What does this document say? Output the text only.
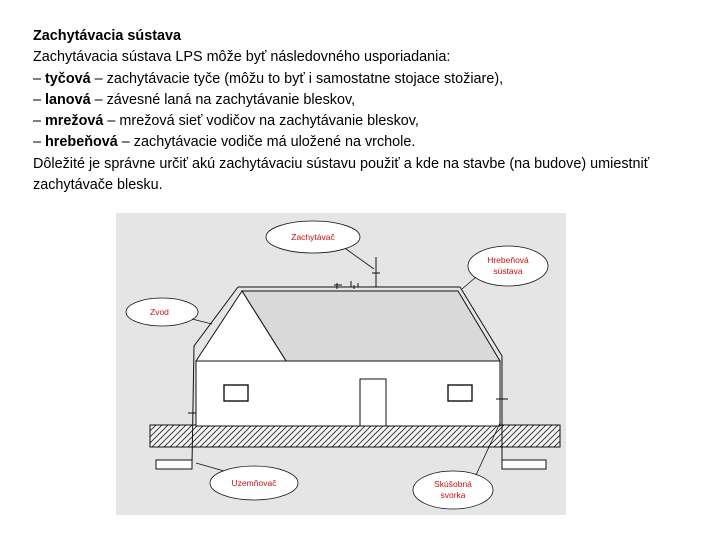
Zachytávacia sústava
Zachytávacia sústava LPS môže byť následovného usporiadania:
– tyčová – zachytávacie tyče (môžu to byť i samostatne stojace stožiare),
– lanová – závesné laná na zachytávanie bleskov,
– mrežová – mrežová sieť vodičov na zachytávanie bleskov,
– hrebeňová – zachytávacie vodiče má uložené na vrchole.
Dôležité je správne určiť akú zachytávaciu sústavu použiť a kde na stavbe (na budove) umiestniť zachytávače blesku.
Zachytávač
Hrebeňová
sústava
Zvod
Uzemňovač	Skúšobná
svorka
